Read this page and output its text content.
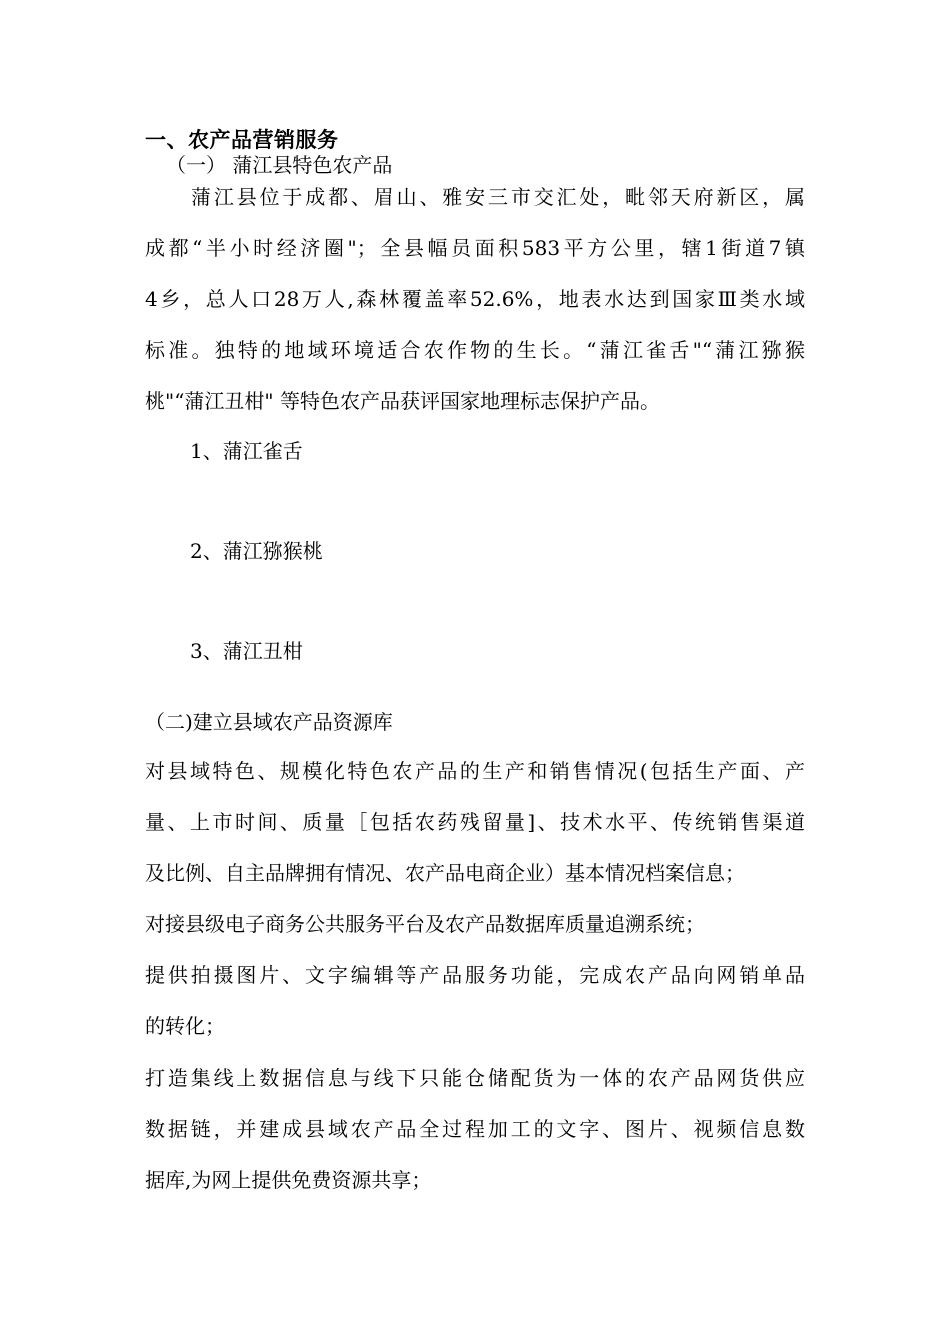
一、农产品营销服务
（一） 蒲江县特色农产品
蒲江县位于成都、眉山、雅安三市交汇处，毗邻天府新区，属
成都“半小时经济圈"；全县幅员面积583平方公里，辖1街道7镇
4乡，总人口28万人,森林覆盖率52.6%，地表水达到国家Ⅲ类水域
标准。独特的地域环境适合农作物的生长。“蒲江雀舌"“蒲江猕猴
桃"“蒲江丑柑" 等特色农产品获评国家地理标志保护产品。
1、蒲江雀舌
2、蒲江猕猴桃
3、蒲江丑柑
（二)建立县域农产品资源库
对县域特色、规模化特色农产品的生产和销售情况(包括生产面、产
量、上市时间、质量［包括农药残留量]、技术水平、传统销售渠道
及比例、自主品牌拥有情况、农产品电商企业）基本情况档案信息；
对接县级电子商务公共服务平台及农产品数据库质量追溯系统；
提供拍摄图片、文字编辑等产品服务功能，完成农产品向网销单品
的转化；
打造集线上数据信息与线下只能仓储配货为一体的农产品网货供应
数据链，并建成县域农产品全过程加工的文字、图片、视频信息数
据库,为网上提供免费资源共享；
